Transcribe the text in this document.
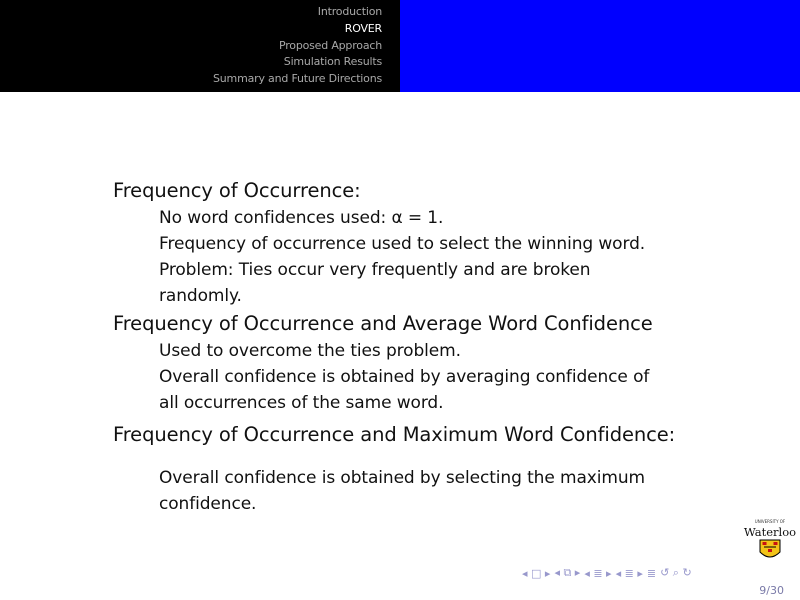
Introduction
ROVER
Proposed Approach
Simulation Results
Summary and Future Directions
Frequency of Occurrence:
No word confidences used: α = 1.
Frequency of occurrence used to select the winning word.
Problem: Ties occur very frequently and are broken
randomly.
Frequency of Occurrence and Average Word Confidence
Used to overcome the ties problem.
Overall confidence is obtained by averaging confidence of
all occurrences of the same word.
Frequency of Occurrence and Maximum Word Confidence:
Overall confidence is obtained by selecting the maximum
confidence.
UNIVERSITY OF
Waterloo
◂ □ ▸ ◂ ⧉ ▸ ◂ ≣ ▸ ◂ ≣ ▸ ≣ ↺ ⌕ ↻
9/30
